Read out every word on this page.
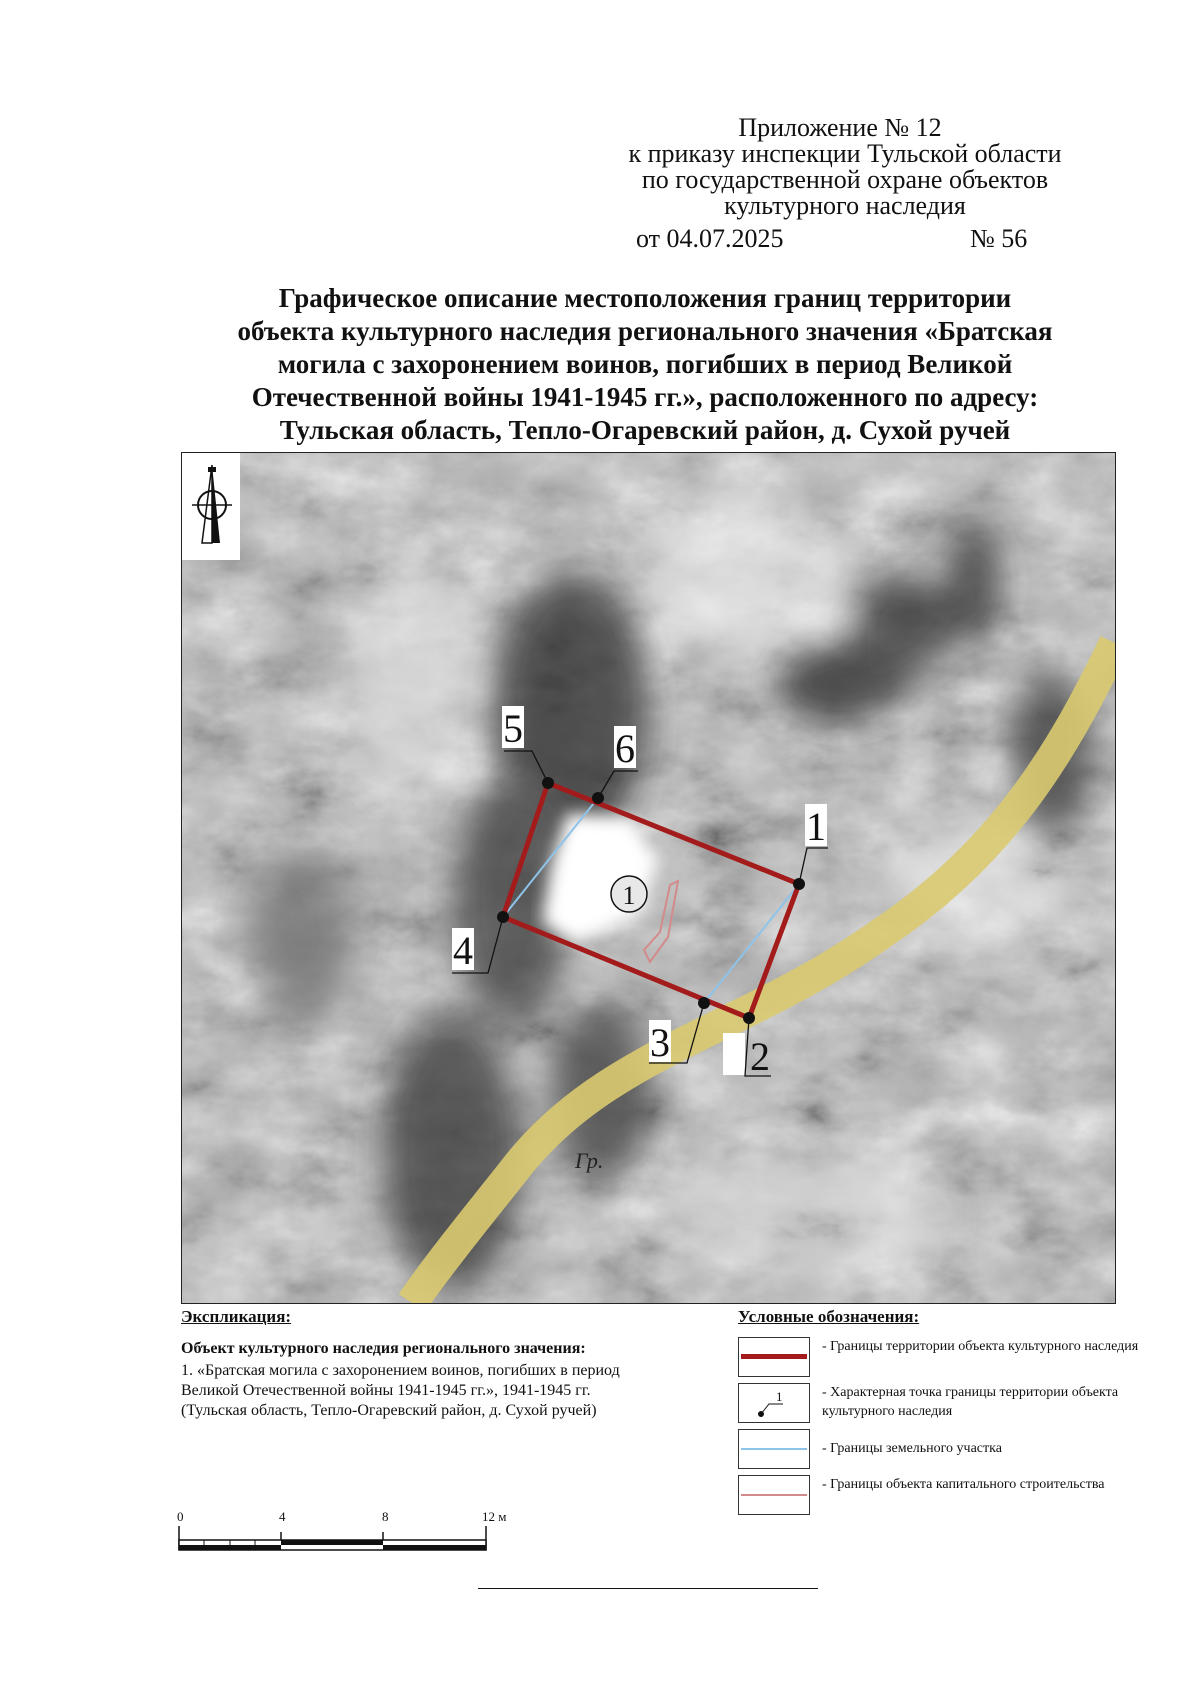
Приложение № 12
к приказу инспекции Тульской области
по государственной охране объектов
культурного наследия
от 04.07.2025	№ 56
Графическое описание местоположения границ территории
объекта культурного наследия регионального значения «Братская
могила с захоронением воинов, погибших в период Великой
Отечественной войны 1941-1945 гг.», расположенного по адресу:
Тульская область, Тепло-Огаревский район, д. Сухой ручей
1
1
2
3
4
5 6
Гр.
Экспликация:
Объект культурного наследия регионального значения:
1. «Братская могила с захоронением воинов, погибших в период
Великой Отечественной войны 1941-1945 гг.», 1941-1945 гг.
(Тульская область, Тепло-Огаревский район, д. Сухой ручей)
Условные обозначения:
- Границы территории объекта культурного наследия
1	- Характерная точка границы территории объекта культурного наследия
- Границы земельного участка
- Границы объекта капитального строительства
0	4	8	12 м
